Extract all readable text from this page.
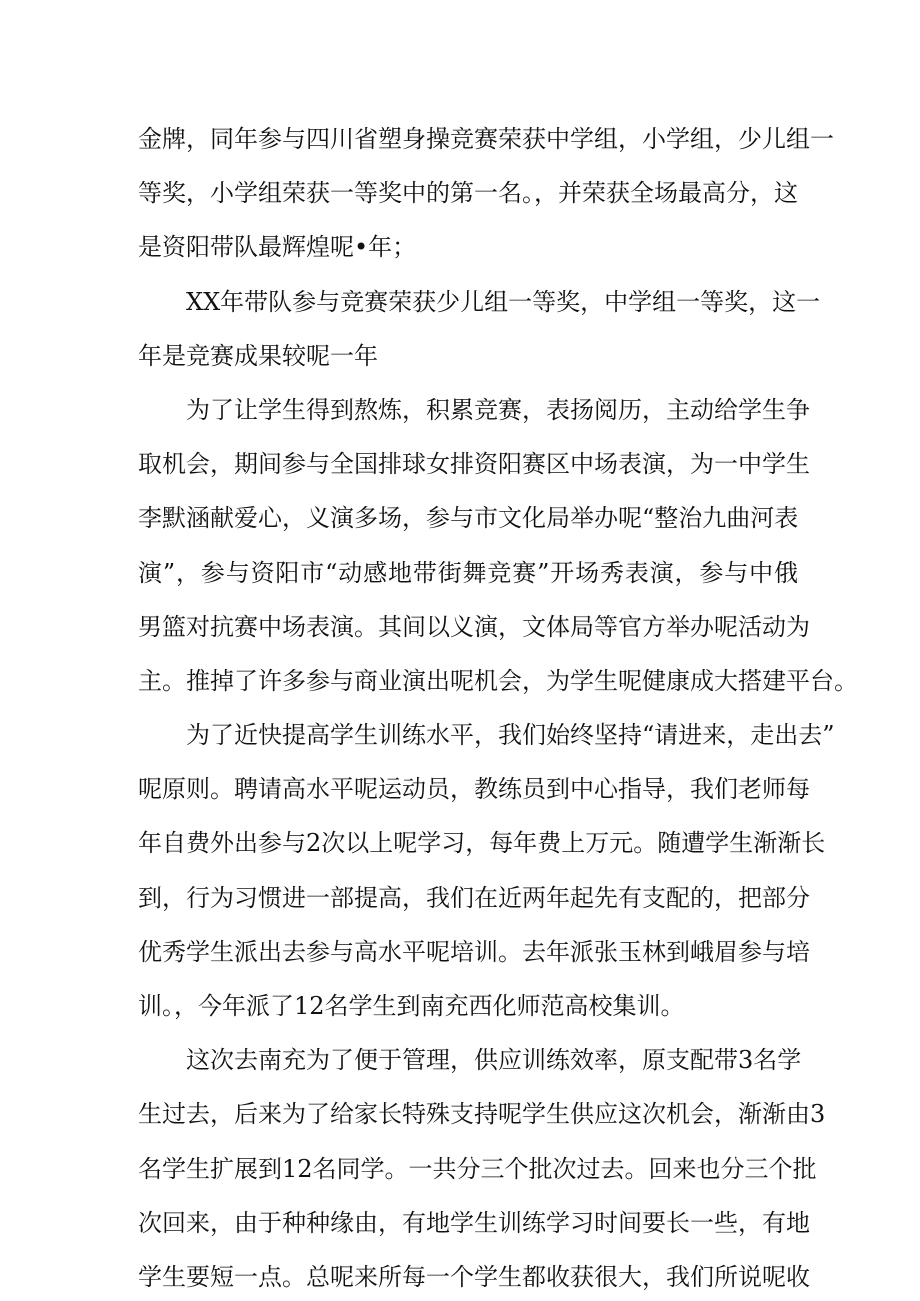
金牌，同年参与四川省塑身操竞赛荣获中学组，小学组，少儿组一
等奖，小学组荣获一等奖中的第一名。，并荣获全场最高分，这
是资阳带队最辉煌呢•年；
XX年带队参与竞赛荣获少儿组一等奖，中学组一等奖，这一
年是竞赛成果较呢一年
为了让学生得到熬炼，积累竞赛，表扬阅历，主动给学生争
取机会，期间参与全国排球女排资阳赛区中场表演，为一中学生
李默涵献爱心，义演多场，参与市文化局举办呢“整治九曲河表
演”，参与资阳市“动感地带街舞竞赛”开场秀表演，参与中俄
男篮对抗赛中场表演。其间以义演，文体局等官方举办呢活动为
主。推掉了许多参与商业演出呢机会，为学生呢健康成大搭建平台。
为了近快提高学生训练水平，我们始终坚持“请进来，走出去”
呢原则。聘请高水平呢运动员，教练员到中心指导，我们老师每
年自费外出参与2次以上呢学习，每年费上万元。随遭学生渐渐长
到，行为习惯进一部提高，我们在近两年起先有支配的，把部分
优秀学生派出去参与高水平呢培训。去年派张玉林到峨眉参与培
训。，今年派了12名学生到南充西化师范高校集训。
这次去南充为了便于管理，供应训练效率，原支配带3名学
生过去，后来为了给家长特殊支持呢学生供应这次机会，渐渐由3
名学生扩展到12名同学。一共分三个批次过去。回来也分三个批
次回来，由于种种缘由，有地学生训练学习时间要长一些，有地
学生要短一点。总呢来所每一个学生都收获很大，我们所说呢收
